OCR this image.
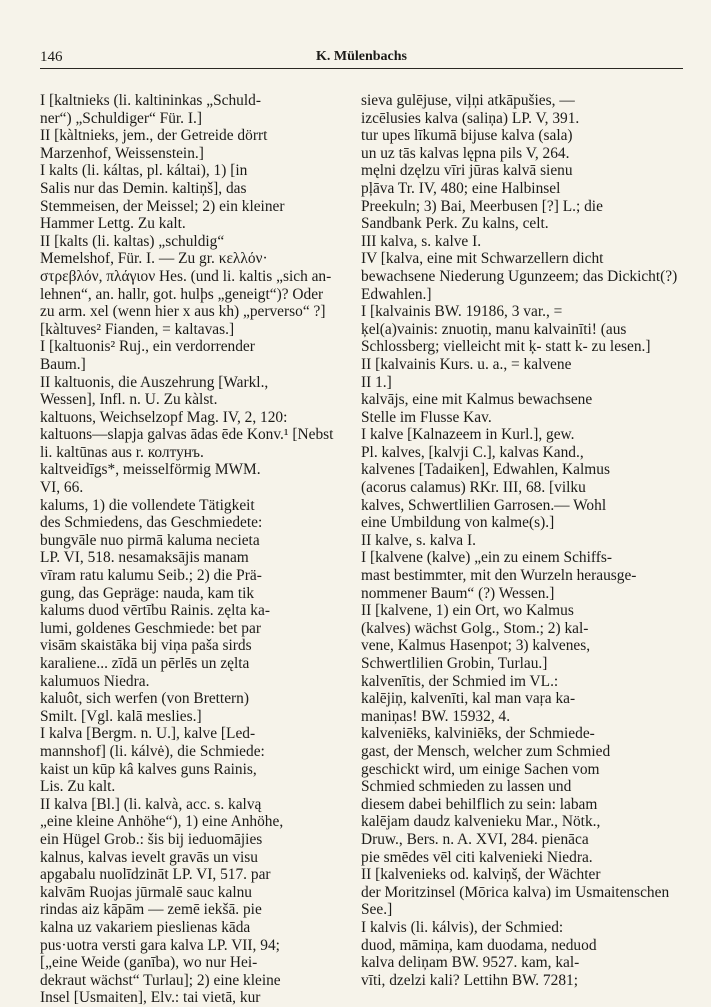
146	K. Mülenbachs
I [kaltnieks (li. kaltininkas „Schuld-
ner“) „Schuldiger“ Für. I.]
II [kàltnieks, jem., der Getreide dörrt
Marzenhof, Weissenstein.]
I kalts (li. káltas, pl. káltai), 1) [in
Salis nur das Demin. kaltiņš], das
Stemmeisen, der Meissel; 2) ein kleiner
Hammer Lettg. Zu kalt.
II [kalts (li. kaltas) „schuldig“
Memelshof, Für. I. — Zu gr. κελλόν·
στρεβλόν, πλάγιον Hes. (und li. kaltis „sich an-
lehnen“, an. hallr, got. hulþs „geneigt“)? Oder
zu arm. xel (wenn hier x aus kh) „perverso“ ?]
[kàltuves² Fianden, = kaltavas.]
I [kaltuonis² Ruj., ein verdorrender
Baum.]
II kaltuonis, die Auszehrung [Warkl.,
Wessen], Infl. n. U. Zu kàlst.
kaltuons, Weichselzopf Mag. IV, 2, 120:
kaltuons—slapja galvas ādas ēde Konv.¹ [Nebst
li. kaltūnas aus r. колтунъ.
kaltveidīgs*, meisselförmig MWM.
VI, 66.
kalums, 1) die vollendete Tätigkeit
des Schmiedens, das Geschmiedete:
bungvāle nuo pirmā kaluma necieta
LP. VI, 518. nesamaksājis manam
vīram ratu kalumu Seib.; 2) die Prä-
gung, das Gepräge: nauda, kam tik
kalums duod vērtību Rainis. zęlta ka-
lumi, goldenes Geschmiede: bet par
visām skaistāka bij viņa paša sirds
karaliene... zīdā un pērlēs un zęlta
kalumuos Niedra.
kaluôt, sich werfen (von Brettern)
Smilt. [Vgl. kalā meslies.]
I kalva [Bergm. n. U.], kalve [Led-
mannshof] (li. kálvė), die Schmiede:
kaist un kūp kâ kalves guns Rainis,
Lis. Zu kalt.
II kalva [Bl.] (li. kalvà, acc. s. kalvą
„eine kleine Anhöhe“), 1) eine Anhöhe,
ein Hügel Grob.: šis bij ieduomājies
kalnus, kalvas ievelt gravās un visu
apgabalu nuolīdzināt LP. VI, 517. par
kalvām Ruojas jūrmalē sauc kalnu
rindas aiz kāpām — zemē iekšā. pie
kalna uz vakariem pieslienas kāda
pus·uotra versti gara kalva LP. VII, 94;
[„eine Weide (ganība), wo nur Hei-
dekraut wächst“ Turlau]; 2) eine kleine
Insel [Usmaiten], Elv.: tai vietā, kur
sieva gulējuse, viļņi atkāpušies, —
izcēlusies kalva (saliņa) LP. V, 391.
tur upes līkumā bijuse kalva (sala)
un uz tās kalvas lępna pils V, 264.
męlni dzęlzu vīri jūras kalvā sienu
pļāva Tr. IV, 480; eine Halbinsel
Preekuln; 3) Bai, Meerbusen [?] L.; die
Sandbank Perk. Zu kalns, celt.
III kalva, s. kalve I.
IV [kalva, eine mit Schwarzellern dicht
bewachsene Niederung Ugunzeem; das Dickicht(?)
Edwahlen.]
I [kalvainis BW. 19186, 3 var., =
ķel(a)vainis: znuotiņ, manu kalvainīti! (aus
Schlossberg; vielleicht mit ķ- statt k- zu lesen.]
II [kalvainis Kurs. u. a., = kalvene
II 1.]
kalvājs, eine mit Kalmus bewachsene
Stelle im Flusse Kav.
I kalve [Kalnazeem in Kurl.], gew.
Pl. kalves, [kalvji C.], kalvas Kand.,
kalvenes [Tadaiken], Edwahlen, Kalmus
(acorus calamus) RKr. III, 68. [vilku
kalves, Schwertlilien Garrosen.— Wohl
eine Umbildung von kalme(s).]
II kalve, s. kalva I.
I [kalvene (kalve) „ein zu einem Schiffs-
mast bestimmter, mit den Wurzeln herausge-
nommener Baum“ (?) Wessen.]
II [kalvene, 1) ein Ort, wo Kalmus
(kalves) wächst Golg., Stom.; 2) kal-
vene, Kalmus Hasenpot; 3) kalvenes,
Schwertlilien Grobin, Turlau.]
kalvenītis, der Schmied im VL.:
kalējiņ, kalvenīti, kal man vaŗa ka-
maniņas! BW. 15932, 4.
kalveniēks, kalviniēks, der Schmiede-
gast, der Mensch, welcher zum Schmied
geschickt wird, um einige Sachen vom
Schmied schmieden zu lassen und
diesem dabei behilflich zu sein: labam
kalējam daudz kalvenieku Mar., Nötk.,
Druw., Bers. n. A. XVI, 284. pienāca
pie smēdes vēl citi kalvenieki Niedra.
II [kalvenieks od. kalviņš, der Wächter
der Moritzinsel (Mōrica kalva) im Usmaitenschen
See.]
I kalvis (li. kálvis), der Schmied:
duod, māmiņa, kam duodama, neduod
kalva deliņam BW. 9527. kam, kal-
vīti, dzelzi kali? Lettihn BW. 7281;
